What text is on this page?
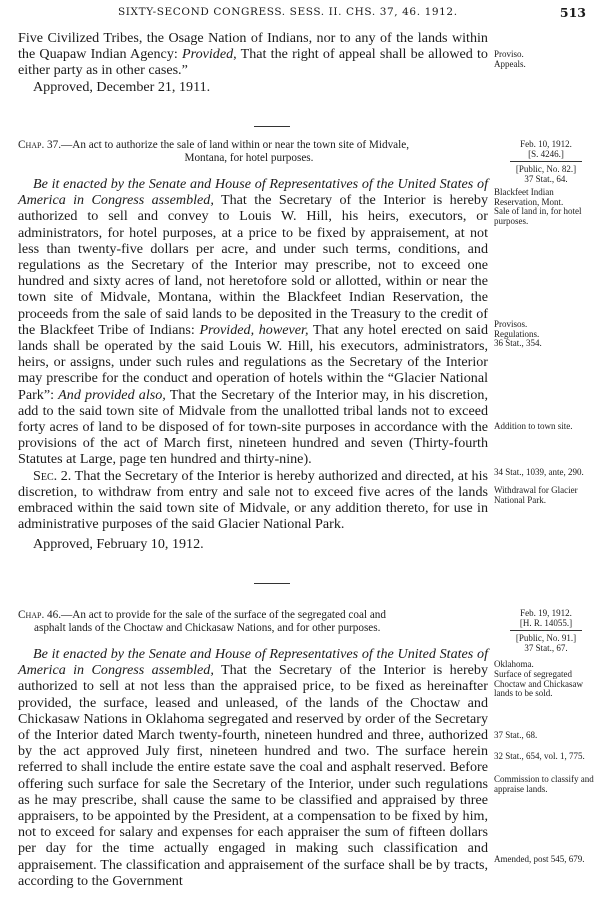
SIXTY-SECOND CONGRESS. SESS. II. CHS. 37, 46. 1912.	513

Five Civilized Tribes, the Osage Nation of Indians, nor to any of the lands within the Quapaw Indian Agency: Provided, That the right of appeal shall be allowed to either party as in other cases.”

Approved, December 21, 1911.

Proviso.
Appeals.
Chap. 37.—An act to authorize the sale of land within or near the town site of Midvale,
Montana, for hotel purposes.
Feb. 10, 1912.
[S. 4246.]
[Public, No. 82.]
37 Stat., 64.

Be it enacted by the Senate and House of Representatives of the United States of America in Congress assembled, That the Secretary of the Interior is hereby authorized to sell and convey to Louis W. Hill, his heirs, executors, or administrators, for hotel purposes, at a price to be fixed by appraisement, at not less than twenty-five dollars per acre, and under such terms, conditions, and regulations as the Secretary of the Interior may prescribe, not to exceed one hundred and sixty acres of land, not heretofore sold or allotted, within or near the town site of Midvale, Montana, within the Blackfeet Indian Reservation, the proceeds from the sale of said lands to be deposited in the Treasury to the credit of the Blackfeet Tribe of Indians: Provided, however, That any hotel erected on said lands shall be operated by the said Louis W. Hill, his executors, administrators, heirs, or assigns, under such rules and regulations as the Secretary of the Interior may prescribe for the conduct and operation of hotels within the “Glacier National Park”: And provided also, That the Secretary of the Interior may, in his discretion, add to the said town site of Midvale from the unallotted tribal lands not to exceed forty acres of land to be disposed of for town-site purposes in accordance with the provisions of the act of March first, nineteen hundred and seven (Thirty-fourth Statutes at Large, page ten hundred and thirty-nine).

Sec. 2. That the Secretary of the Interior is hereby authorized and directed, at his discretion, to withdraw from entry and sale not to exceed five acres of the lands embraced within the said town site of Midvale, or any addition thereto, for use in administrative purposes of the said Glacier National Park.

Approved, February 10, 1912.

Blackfeet Indian Reservation, Mont.
Sale of land in, for hotel purposes.
Provisos.
Regulations.
36 Stat., 354.
Addition to town site.
34 Stat., 1039, ante, 290.
Withdrawal for Glacier National Park.
Chap. 46.—An act to provide for the sale of the surface of the segregated coal and
asphalt lands of the Choctaw and Chickasaw Nations, and for other purposes.
Feb. 19, 1912.
[H. R. 14055.]
[Public, No. 91.]
37 Stat., 67.

Be it enacted by the Senate and House of Representatives of the United States of America in Congress assembled, That the Secretary of the Interior is hereby authorized to sell at not less than the appraised price, to be fixed as hereinafter provided, the surface, leased and unleased, of the lands of the Choctaw and Chickasaw Nations in Oklahoma segregated and reserved by order of the Secretary of the Interior dated March twenty-fourth, nineteen hundred and three, authorized by the act approved July first, nineteen hundred and two. The surface herein referred to shall include the entire estate save the coal and asphalt reserved. Before offering such surface for sale the Secretary of the Interior, under such regulations as he may prescribe, shall cause the same to be classified and appraised by three appraisers, to be appointed by the President, at a compensation to be fixed by him, not to exceed for salary and expenses for each appraiser the sum of fifteen dollars per day for the time actually engaged in making such classification and appraisement. The classification and appraisement of the surface shall be by tracts, according to the Government

Oklahoma.
Surface of segregated Choctaw and Chickasaw lands to be sold.
37 Stat., 68.
32 Stat., 654, vol. 1, 775.
Commission to classify and appraise lands.
Amended, post 545, 679.
